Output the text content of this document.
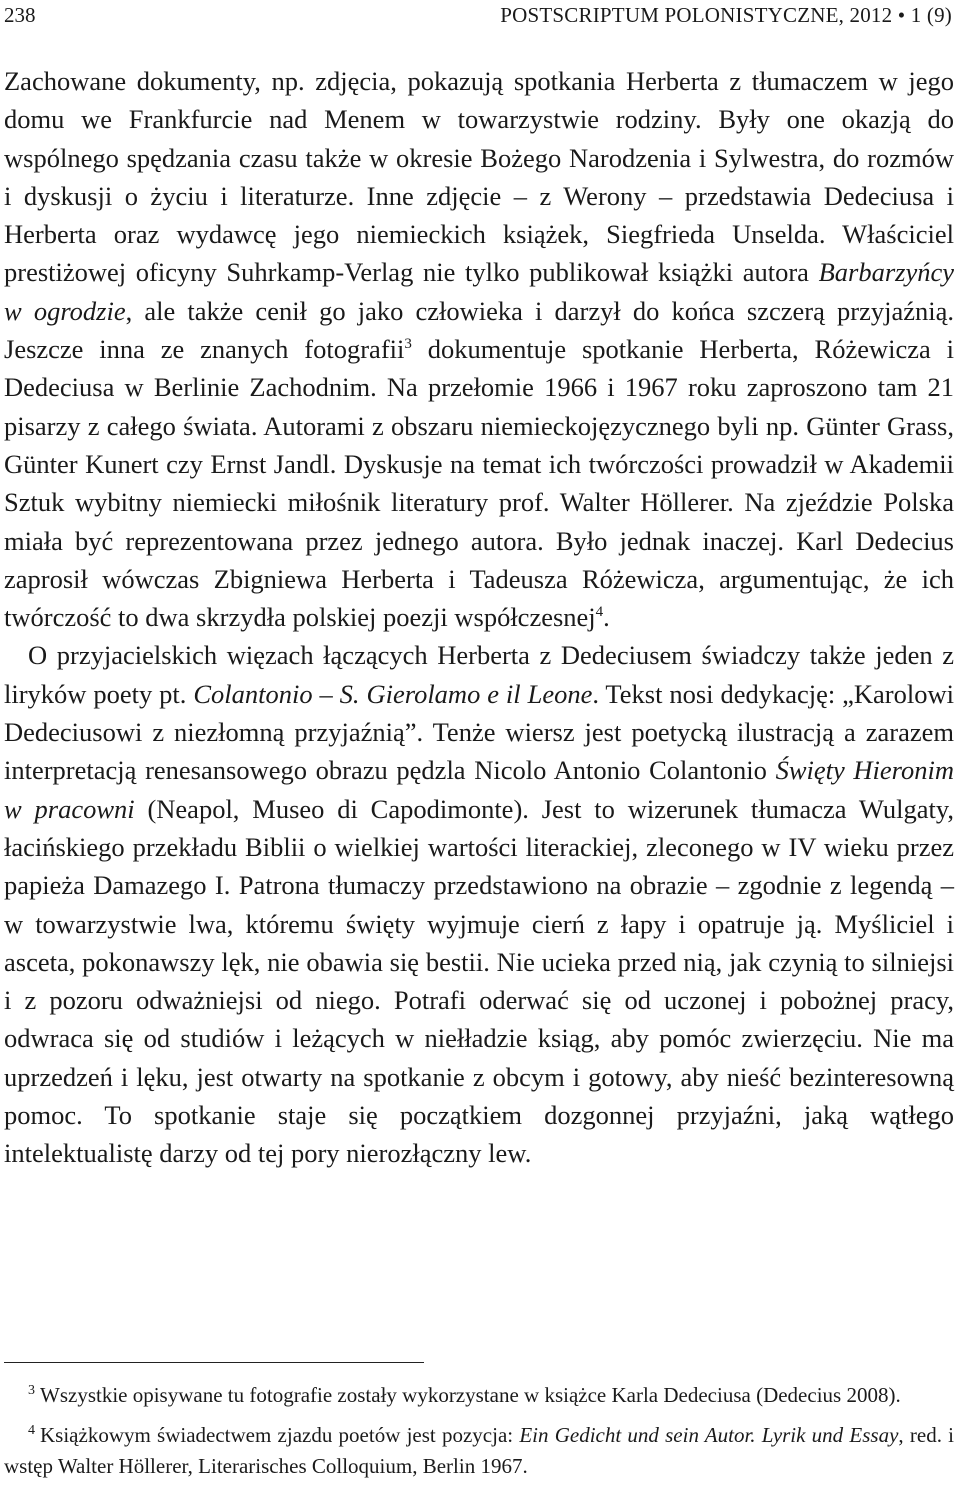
238	POSTSCRIPTUM POLONISTYCZNE, 2012 • 1 (9)

Zachowane dokumenty, np. zdjęcia, pokazują spotkania Herberta z tłumaczem w jego domu we Frankfurcie nad Menem w towarzystwie rodziny. Były one okazją do wspólnego spędzania czasu także w okresie Bożego Narodzenia i Sylwestra, do rozmów i dyskusji o życiu i literaturze. Inne zdjęcie – z Werony – przedstawia Dedeciusa i Herberta oraz wydawcę jego niemieckich książek, Siegfrieda Unselda. Właściciel prestiżowej oficyny Suhrkamp-Verlag nie tylko publikował książki autora Barbarzyńcy w ogrodzie, ale także cenił go jako człowieka i darzył do końca szczerą przyjaźnią. Jeszcze inna ze znanych fotografii$^3$ dokumentuje spotkanie Herberta, Różewicza i Dedeciusa w Berlinie Zachodnim. Na przełomie 1966 i 1967 roku zaproszono tam 21 pisarzy z całego świata. Autorami z obszaru niemieckojęzycznego byli np. Günter Grass, Günter Kunert czy Ernst Jandl. Dyskusje na temat ich twórczości prowadził w Akademii Sztuk wybitny niemiecki miłośnik literatury prof. Walter Höllerer. Na zjeździe Polska miała być reprezentowana przez jednego autora. Było jednak inaczej. Karl Dedecius zaprosił wówczas Zbigniewa Herberta i Tadeusza Różewicza, argumentując, że ich twórczość to dwa skrzydła polskiej poezji współczesnej$^4$.

O przyjacielskich więzach łączących Herberta z Dedeciusem świadczy także jeden z liryków poety pt. Colantonio – S. Gierolamo e il Leone. Tekst nosi dedykację: „Karolowi Dedeciusowi z niezłomną przyjaźnią”. Tenże wiersz jest poetycką ilustracją a zarazem interpretacją renesansowego obrazu pędzla Nicolo Antonio Colantonio Święty Hieronim w pracowni (Neapol, Museo di Capodimonte). Jest to wizerunek tłumacza Wulgaty, łacińskiego przekładu Biblii o wielkiej wartości literackiej, zleconego w IV wieku przez papieża Damazego I. Patrona tłumaczy przedstawiono na obrazie – zgodnie z legendą – w towarzystwie lwa, któremu święty wyjmuje cierń z łapy i opatruje ją. Myśliciel i asceta, pokonawszy lęk, nie obawia się bestii. Nie ucieka przed nią, jak czynią to silniejsi i z pozoru odważniejsi od niego. Potrafi oderwać się od uczonej i pobożnej pracy, odwraca się od studiów i leżących w niełładzie ksiąg, aby pomóc zwierzęciu. Nie ma uprzedzeń i lęku, jest otwarty na spotkanie z obcym i gotowy, aby nieść bezinteresowną pomoc. To spotkanie staje się początkiem dozgonnej przyjaźni, jaką wątłego intelektualistę darzy od tej pory nierozłączny lew.

$^3$ Wszystkie opisywane tu fotografie zostały wykorzystane w książce Karla Dedeciusa (Dedecius 2008).

$^4$ Książkowym świadectwem zjazdu poetów jest pozycja: Ein Gedicht und sein Autor. Lyrik und Essay, red. i wstęp Walter Höllerer, Literarisches Colloquium, Berlin 1967.
